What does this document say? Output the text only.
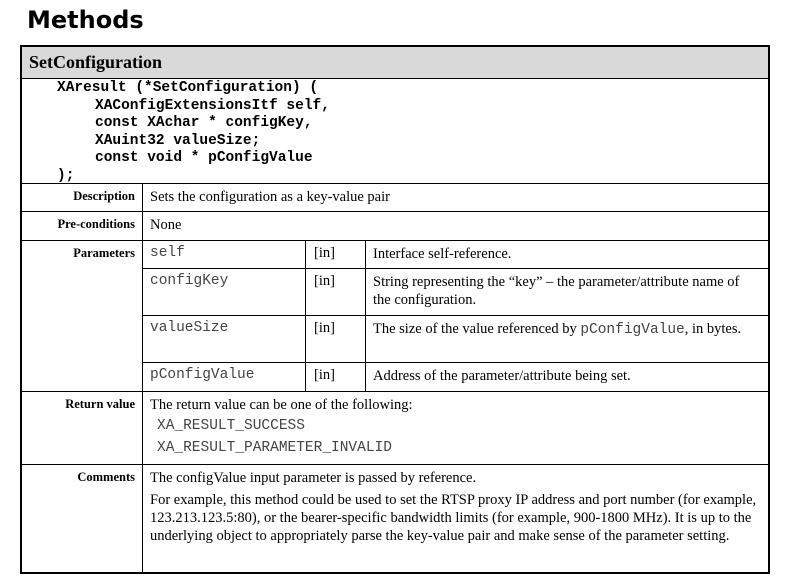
Methods
SetConfiguration
XAresult (*SetConfiguration) (
XAConfigExtensionsItf self,
const XAchar * configKey,
XAuint32 valueSize;
const void * pConfigValue
);
Description	Sets the configuration as a key-value pair
Pre-conditions	None
Parameters	self	[in]	Interface self-reference.
configKey	[in]	String representing the “key” – the parameter/attribute name of the configuration.
valueSize	[in]	The size of the value referenced by pConfigValue, in bytes.
pConfigValue	[in]	Address of the parameter/attribute being set.
Return value	The return value can be one of the following:
XA_RESULT_SUCCESS
XA_RESULT_PARAMETER_INVALID
Comments	The configValue input parameter is passed by reference.
For example, this method could be used to set the RTSP proxy IP address and port number (for example, 123.213.123.5:80), or the bearer-specific bandwidth limits (for example, 900-1800 MHz). It is up to the underlying object to appropriately parse the key-value pair and make sense of the parameter setting.
